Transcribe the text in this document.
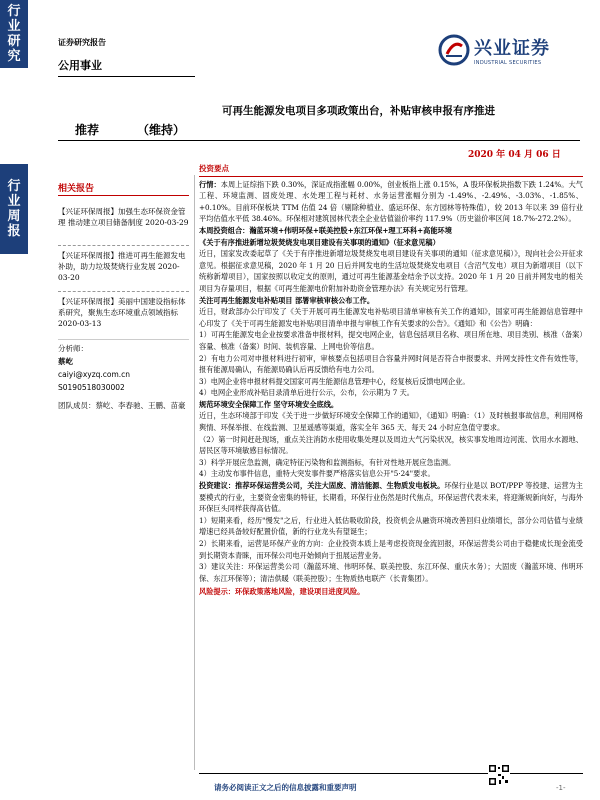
行
业
研
究
行
业
周
报
证券研究报告
公用事业
兴业证券
INDUSTRIAL SECURITIES
可再生能源发电项目多项政策出台，补贴审核申报有序推进
推荐	（维持）
2020 年 04 月 06 日
相关报告
【兴证环保周报】加强生态环保资金管理 推动建立项目储备制度 2020-03-29
【兴证环保周报】推进可再生能源发电补助，助力垃圾焚烧行业发展 2020-03-20
【兴证环保周报】美丽中国建设指标体系研究，聚焦生态环境重点领域指标 2020-03-13
分析师：
蔡屹
caiyi@xyzq.com.cn
S0190518030002
团队成员：蔡屹、李春驰、王鹏、苗豪
投资要点

行情：本周上证综指下跌 0.30%，深证成指涨幅 0.00%，创业板指上涨 0.15%，A 股环保板块指数下跌 1.24%。大气工程、环境监测、固废处理、水处理工程与耗材、水务运营涨幅分别为 -1.49%、-2.49%、-3.03%、-1.85%、+0.10%。目前环保板块 TTM 估值 24 倍（剔除种植业、盛运环保、东方园林等特殊值），较 2013 年以来 39 倍行业平均估值水平低 38.46%。环保相对建筑园林代表全企业估值溢价率约 117.9%（历史溢价率区间 18.7%-272.2%）。

本周投资组合：瀚蓝环境+伟明环保+联美控股+东江环保+理工环科+高能环境

《关于有序推进新增垃圾焚烧发电项目建设有关事项的通知》（征求意见稿）

近日，国家发改委起草了《关于有序推进新增垃圾焚烧发电项目建设有关事项的通知（征求意见稿）》，现向社会公开征求意见。根据征求意见稿，2020 年 1 月 20 日后并网发电的生活垃圾焚烧发电项目（含沼气发电）项目为新增项目（以下统称新增项目），国家按照以收定支的原则，通过可再生能源基金结余予以支持。2020 年 1 月 20 日前并网发电的相关项目为存量项目，根据《可再生能源电价附加补助资金管理办法》有关规定另行管理。

关注可再生能源发电补贴项目 部署审核审核公布工作。

近日，财政部办公厅印发了《关于开展可再生能源发电补贴项目清单审核有关工作的通知》，国家可再生能源信息管理中心印发了《关于可再生能源发电补贴项目清单申报与审核工作有关要求的公告》。《通知》和《公告》明确：

1）可再生能源发电企业按要求准备申报材料，提交电网企业，信息包括项目名称、项目所在地、项目类别、核准（备案）容量、核准（备案）时间、装机容量、上网电价等信息。

2）有电力公司对申报材料进行初审，审核要点包括项目合容量并网时间是否符合申报要求、并网支持性文件有效性等，报有能源局确认，有能源局确认后再反馈给有电力公司。

3）电网企业将申报材料提交国家可再生能源信息管理中心，经复核后反馈电网企业。

4）电网企业形成补贴目录清单后进行公示，公布，公示期为 7 天。

规范环境安全保障工作 坚守环境安全底线。

近日，生态环境部于印发《关于进一步做好环境安全保障工作的通知》，《通知》明确：（1）及时核报事故信息，利用网格舆情、环保举报、在线监测、卫星遥感等渠道，落实全年 365 天、每天 24 小时应急值守要求。

（2）第一时间赶赴现场，重点关注消防水使用收集处理以及周边大气污染状况，核实事发地周边河流、饮用水水源地、居民区等环境敏感目标情况。

3）科学开展应急监测，确定特征污染物和监测指标，有针对性地开展应急监测。

4）主动发布事件信息，重特大突发事件要严格落实信息公开"5·24"要求。

投资建议：推荐环保运营类公司，关注大固废、清洁能源、生物质发电板块。环保行业是以 BOT/PPP 等投建、运营为主要模式的行业，主要资金密集的特征，长期看，环保行业伤然是时代焦点，环保运营代表未来，将迎渐规新向好，与海外环保巨头同样获得高估值。

1）短期来看，经历"慢发"之后，行业进入低估吸收阶段，投资机会从融资环境改善回归业绩增长，部分公司估值与业绩增速已经具备较好配置价值，新的行业龙头有望诞生；

2）长期来看，运营是环保产业的方向：企业投资本质上是考虑投资现金流回报，环保运营类公司由于稳健成长现金流受到长期资本青睐，而环保公司电开始倾向于扭展运营业务。

3）建议关注：环保运营类公司（瀚蓝环境、伟明环保、联美控股、东江环保、重庆水务）；大固废（瀚蓝环境、伟明环保、东江环保等）；清洁供暖（联美控股）；生物质热电联产（长青集团）。

风险提示：环保政策落地风险，建设项目进度风险。

请务必阅读正文之后的信息披露和重要声明	-1-
